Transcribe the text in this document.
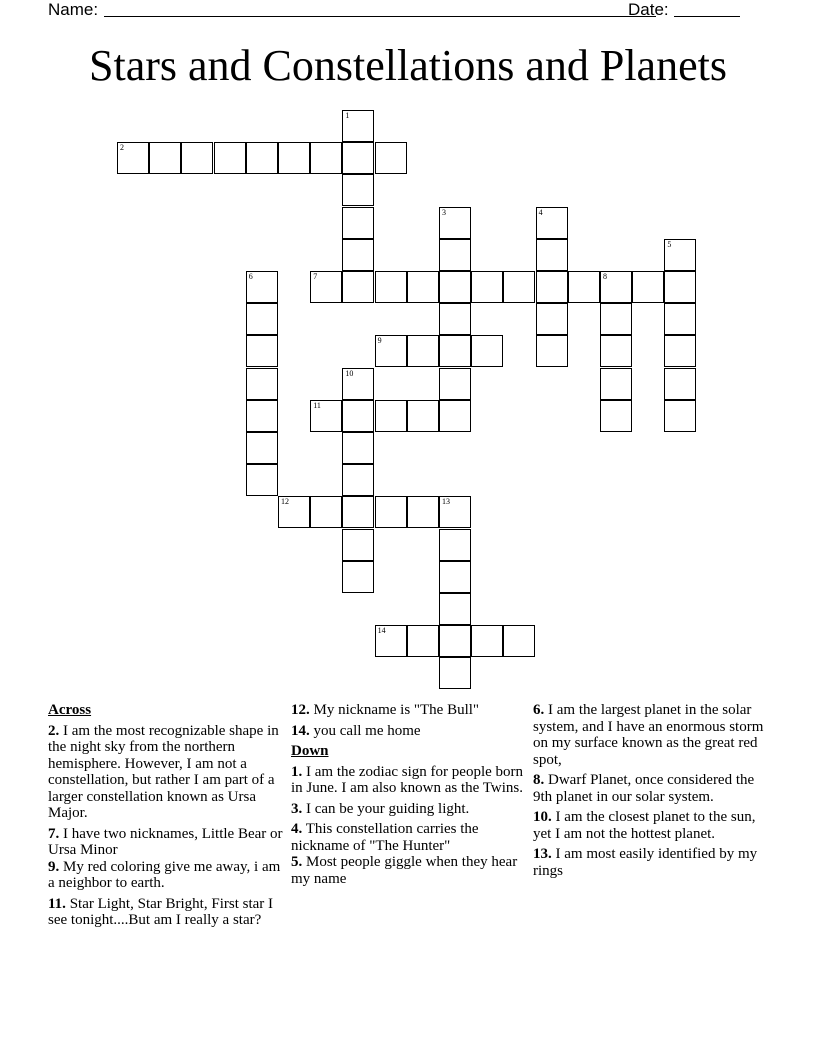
Name:	Date:
Stars and Constellations and Planets
2
7	8
9
11
12	13
14
1
3	4
5
6
10
Across
2. I am the most recognizable shape in the night sky from the northern hemisphere. However, I am not a constellation, but rather I am part of a larger constellation known as Ursa Major.
7. I have two nicknames, Little Bear or Ursa Minor
9. My red coloring give me away, i am a neighbor to earth.
11. Star Light, Star Bright, First star I see tonight....But am I really a star?
12. My nickname is "The Bull"
14. you call me home
Down
1. I am the zodiac sign for people born in June. I am also known as the Twins.
3. I can be your guiding light.
4. This constellation carries the nickname of "The Hunter"
5. Most people giggle when they hear my name
6. I am the largest planet in the solar system, and I have an enormous storm on my surface known as the great red spot,
8. Dwarf Planet, once considered the 9th planet in our solar system.
10. I am the closest planet to the sun, yet I am not the hottest planet.
13. I am most easily identified by my rings
